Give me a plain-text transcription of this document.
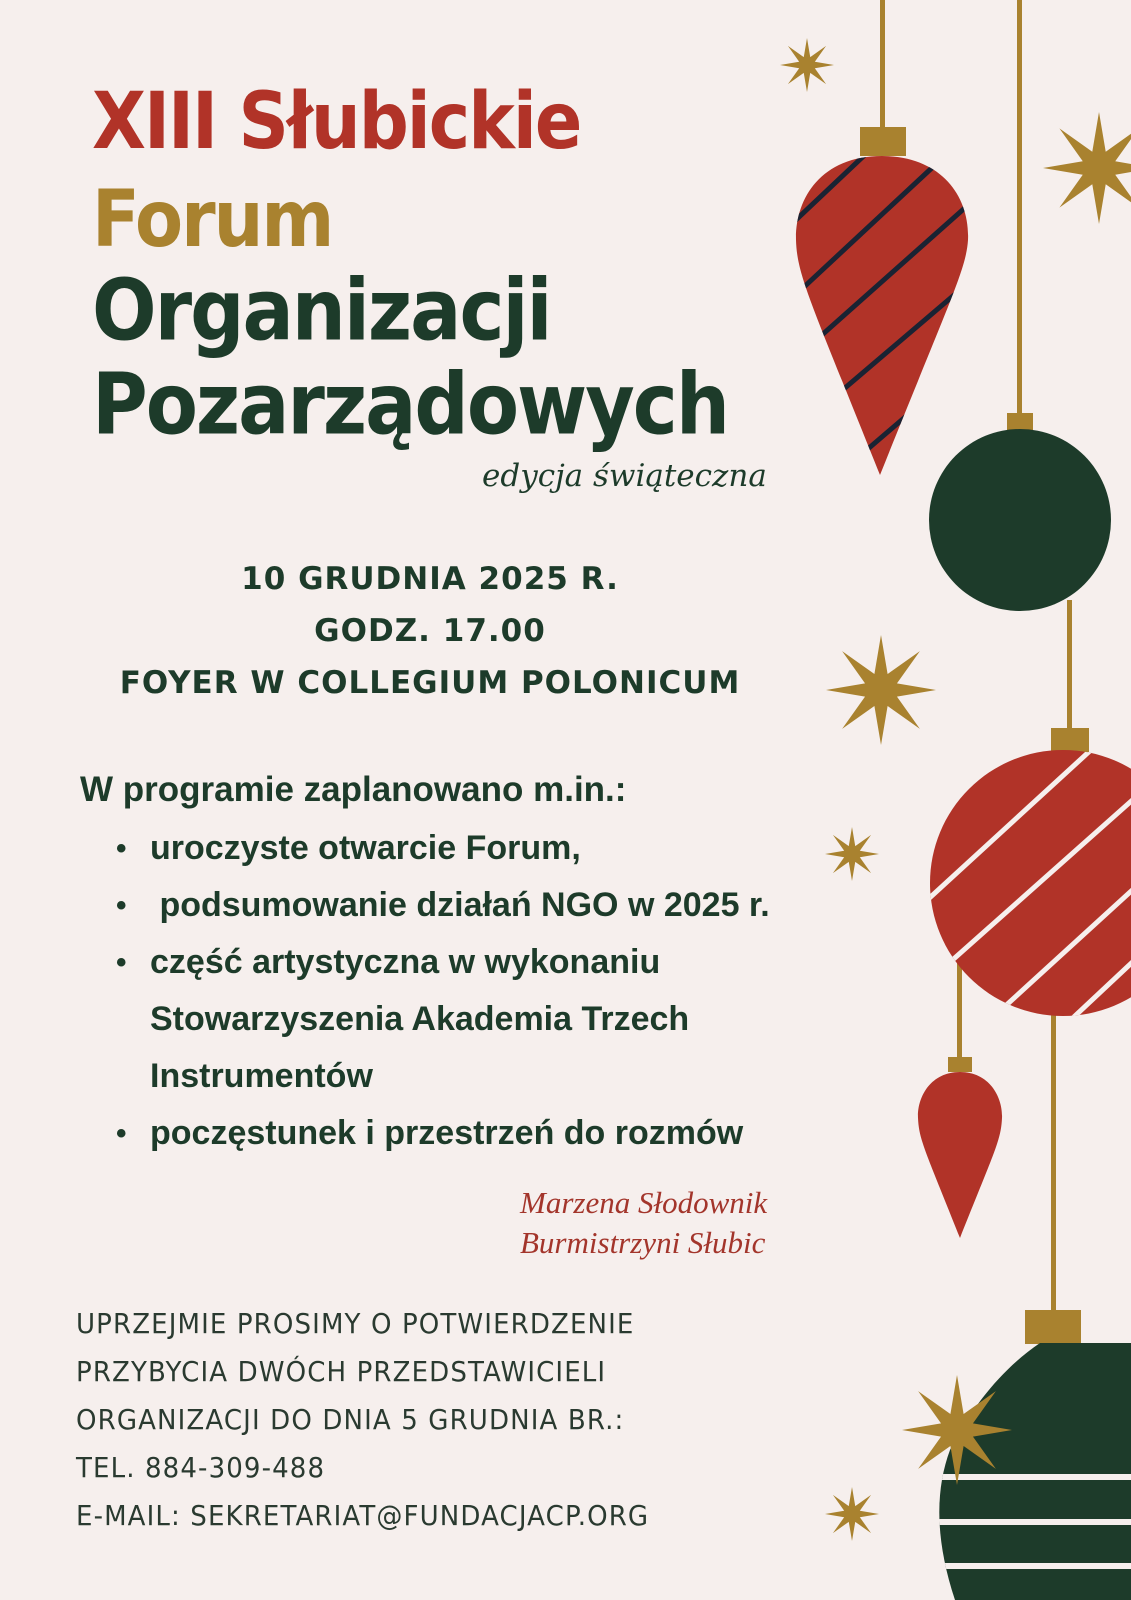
XIII Słubickie
Forum
Organizacji
Pozarządowych
edycja świąteczna
10 GRUDNIA 2025 R.
GODZ. 17.00
FOYER W COLLEGIUM POLONICUM
W programie zaplanowano m.in.:
• uroczyste otwarcie Forum,
• podsumowanie działań NGO w 2025 r.
• część artystyczna w wykonaniu
Stowarzyszenia Akademia Trzech
Instrumentów
• poczęstunek i przestrzeń do rozmów
Marzena Słodownik
Burmistrzyni Słubic
UPRZEJMIE PROSIMY O POTWIERDZENIE
PRZYBYCIA DWÓCH PRZEDSTAWICIELI
ORGANIZACJI DO DNIA 5 GRUDNIA BR.:
TEL. 884-309-488
E-MAIL: SEKRETARIAT@FUNDACJACP.ORG
